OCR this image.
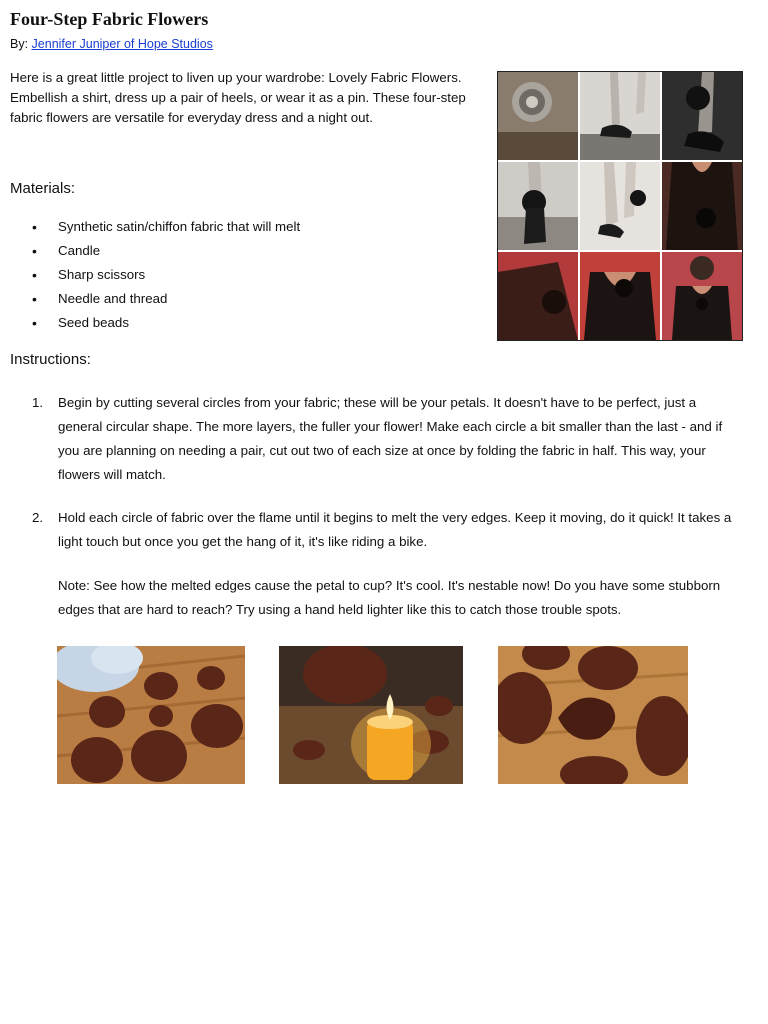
Four-Step Fabric Flowers
By: Jennifer Juniper of Hope Studios

Here is a great little project to liven up your wardrobe: Lovely Fabric Flowers. Embellish a shirt, dress up a pair of heels, or wear it as a pin. These four-step fabric flowers are versatile for everyday dress and a night out.

Materials:
• Synthetic satin/chiffon fabric that will melt
• Candle
• Sharp scissors
• Needle and thread
• Seed beads
Instructions:
1. Begin by cutting several circles from your fabric; these will be your petals. It doesn't have to be perfect, just a general circular shape. The more layers, the fuller your flower! Make each circle a bit smaller than the last - and if you are planning on needing a pair, cut out two of each size at once by folding the fabric in half. This way, your flowers will match.
2. Hold each circle of fabric over the flame until it begins to melt the very edges. Keep it moving, do it quick! It takes a light touch but once you get the hang of it, it's like riding a bike.

Note: See how the melted edges cause the petal to cup? It's cool. It's nestable now! Do you have some stubborn edges that are hard to reach? Try using a hand held lighter like this to catch those trouble spots.
